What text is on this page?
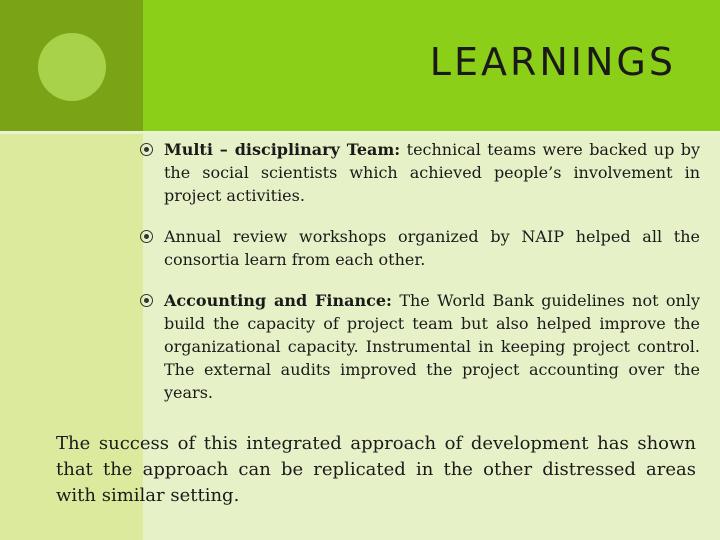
LEARNINGS
Multi – disciplinary Team: technical teams were backed up by the social scientists which achieved people’s involvement in project activities.
Annual review workshops organized by NAIP helped all the consortia learn from each other.
Accounting and Finance: The World Bank guidelines not only build the capacity of project team but also helped improve the organizational capacity. Instrumental in keeping project control. The external audits improved the project accounting over the years.
The success of this integrated approach of development has shown that the approach can be replicated in the other distressed areas with similar setting.
